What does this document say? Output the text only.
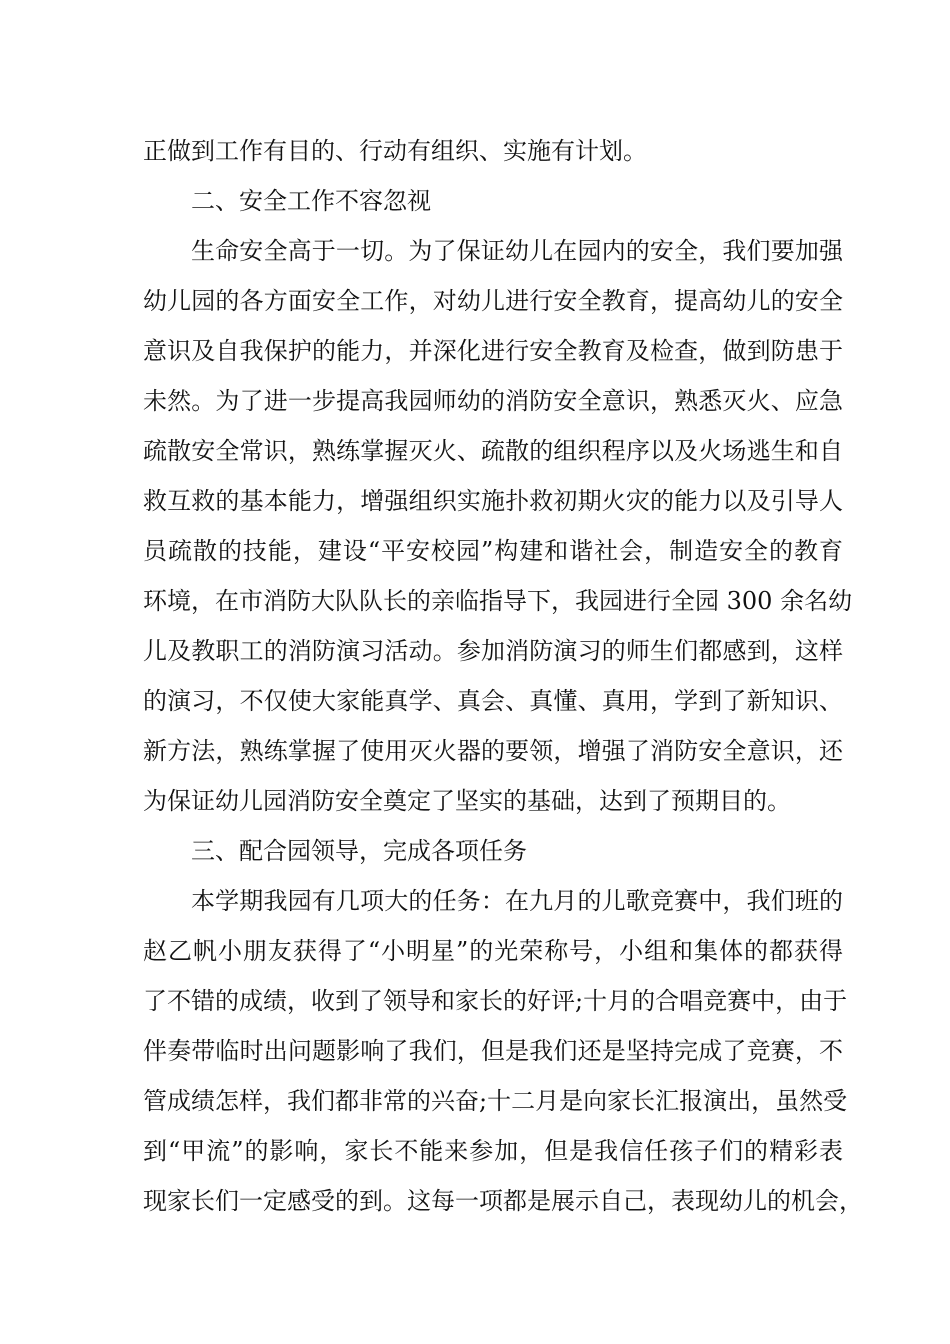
正做到工作有目的、行动有组织、实施有计划。
二、安全工作不容忽视
生命安全高于一切。为了保证幼儿在园内的安全，我们要加强
幼儿园的各方面安全工作，对幼儿进行安全教育，提高幼儿的安全
意识及自我保护的能力，并深化进行安全教育及检查，做到防患于
未然。为了进一步提高我园师幼的消防安全意识，熟悉灭火、应急
疏散安全常识，熟练掌握灭火、疏散的组织程序以及火场逃生和自
救互救的基本能力，增强组织实施扑救初期火灾的能力以及引导人
员疏散的技能，建设“平安校园”构建和谐社会，制造安全的教育
环境，在市消防大队队长的亲临指导下，我园进行全园 300 余名幼
儿及教职工的消防演习活动。参加消防演习的师生们都感到，这样
的演习，不仅使大家能真学、真会、真懂、真用，学到了新知识、
新方法，熟练掌握了使用灭火器的要领，增强了消防安全意识，还
为保证幼儿园消防安全奠定了坚实的基础，达到了预期目的。
三、配合园领导，完成各项任务
本学期我园有几项大的任务：在九月的儿歌竞赛中，我们班的
赵乙帆小朋友获得了“小明星”的光荣称号，小组和集体的都获得
了不错的成绩，收到了领导和家长的好评;十月的合唱竞赛中，由于
伴奏带临时出问题影响了我们，但是我们还是坚持完成了竞赛，不
管成绩怎样，我们都非常的兴奋;十二月是向家长汇报演出，虽然受
到“甲流”的影响，家长不能来参加，但是我信任孩子们的精彩表
现家长们一定感受的到。这每一项都是展示自己，表现幼儿的机会，
